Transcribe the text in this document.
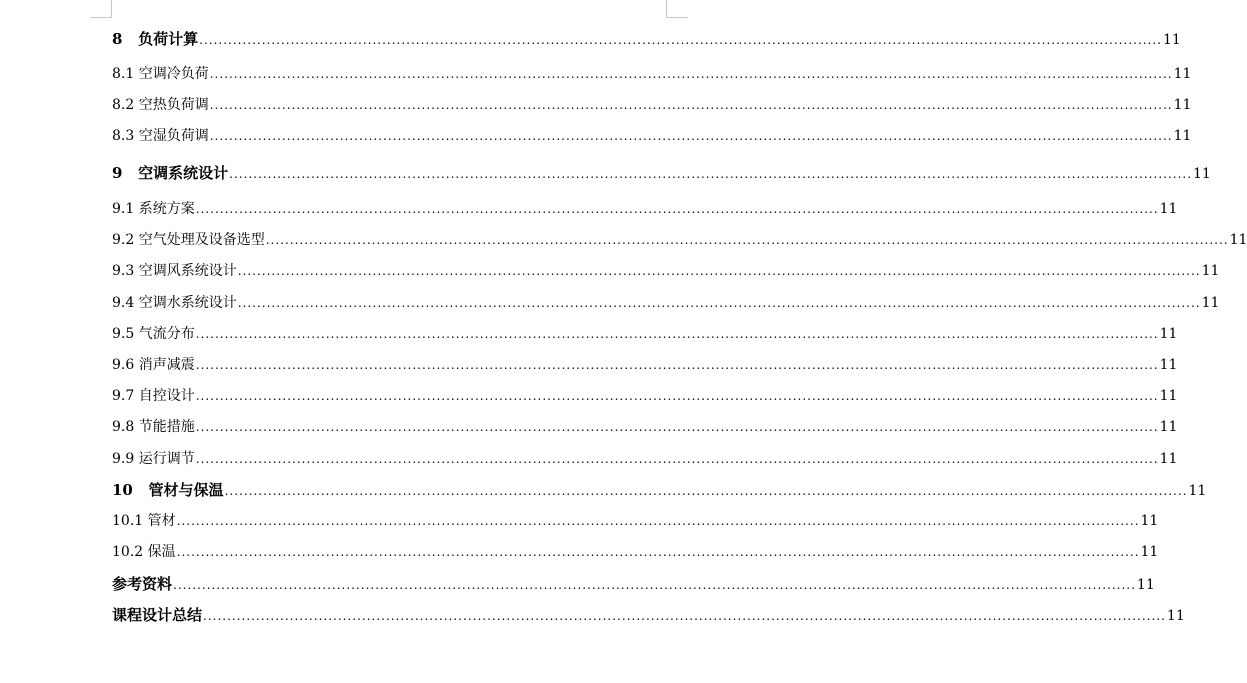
8 负荷计算 ........................................................................................................................................................................................................ 11
8.1 空调冷负荷 ........................................................................................................................................................................................................ 11
8.2 空热负荷调 ........................................................................................................................................................................................................ 11
8.3 空湿负荷调 ........................................................................................................................................................................................................ 11
9 空调系统设计 ........................................................................................................................................................................................................ 11
9.1 系统方案 ........................................................................................................................................................................................................ 11
9.2 空气处理及设备选型 ........................................................................................................................................................................................................ 11
9.3 空调风系统设计 ........................................................................................................................................................................................................ 11
9.4 空调水系统设计 ........................................................................................................................................................................................................ 11
9.5 气流分布 ........................................................................................................................................................................................................ 11
9.6 消声减震 ........................................................................................................................................................................................................ 11
9.7 自控设计 ........................................................................................................................................................................................................ 11
9.8 节能措施 ........................................................................................................................................................................................................ 11
9.9 运行调节 ........................................................................................................................................................................................................ 11
10 管材与保温 ........................................................................................................................................................................................................ 11
10.1 管材 ........................................................................................................................................................................................................ 11
10.2 保温 ........................................................................................................................................................................................................ 11
参考资料 ........................................................................................................................................................................................................ 11
课程设计总结 ........................................................................................................................................................................................................ 11
